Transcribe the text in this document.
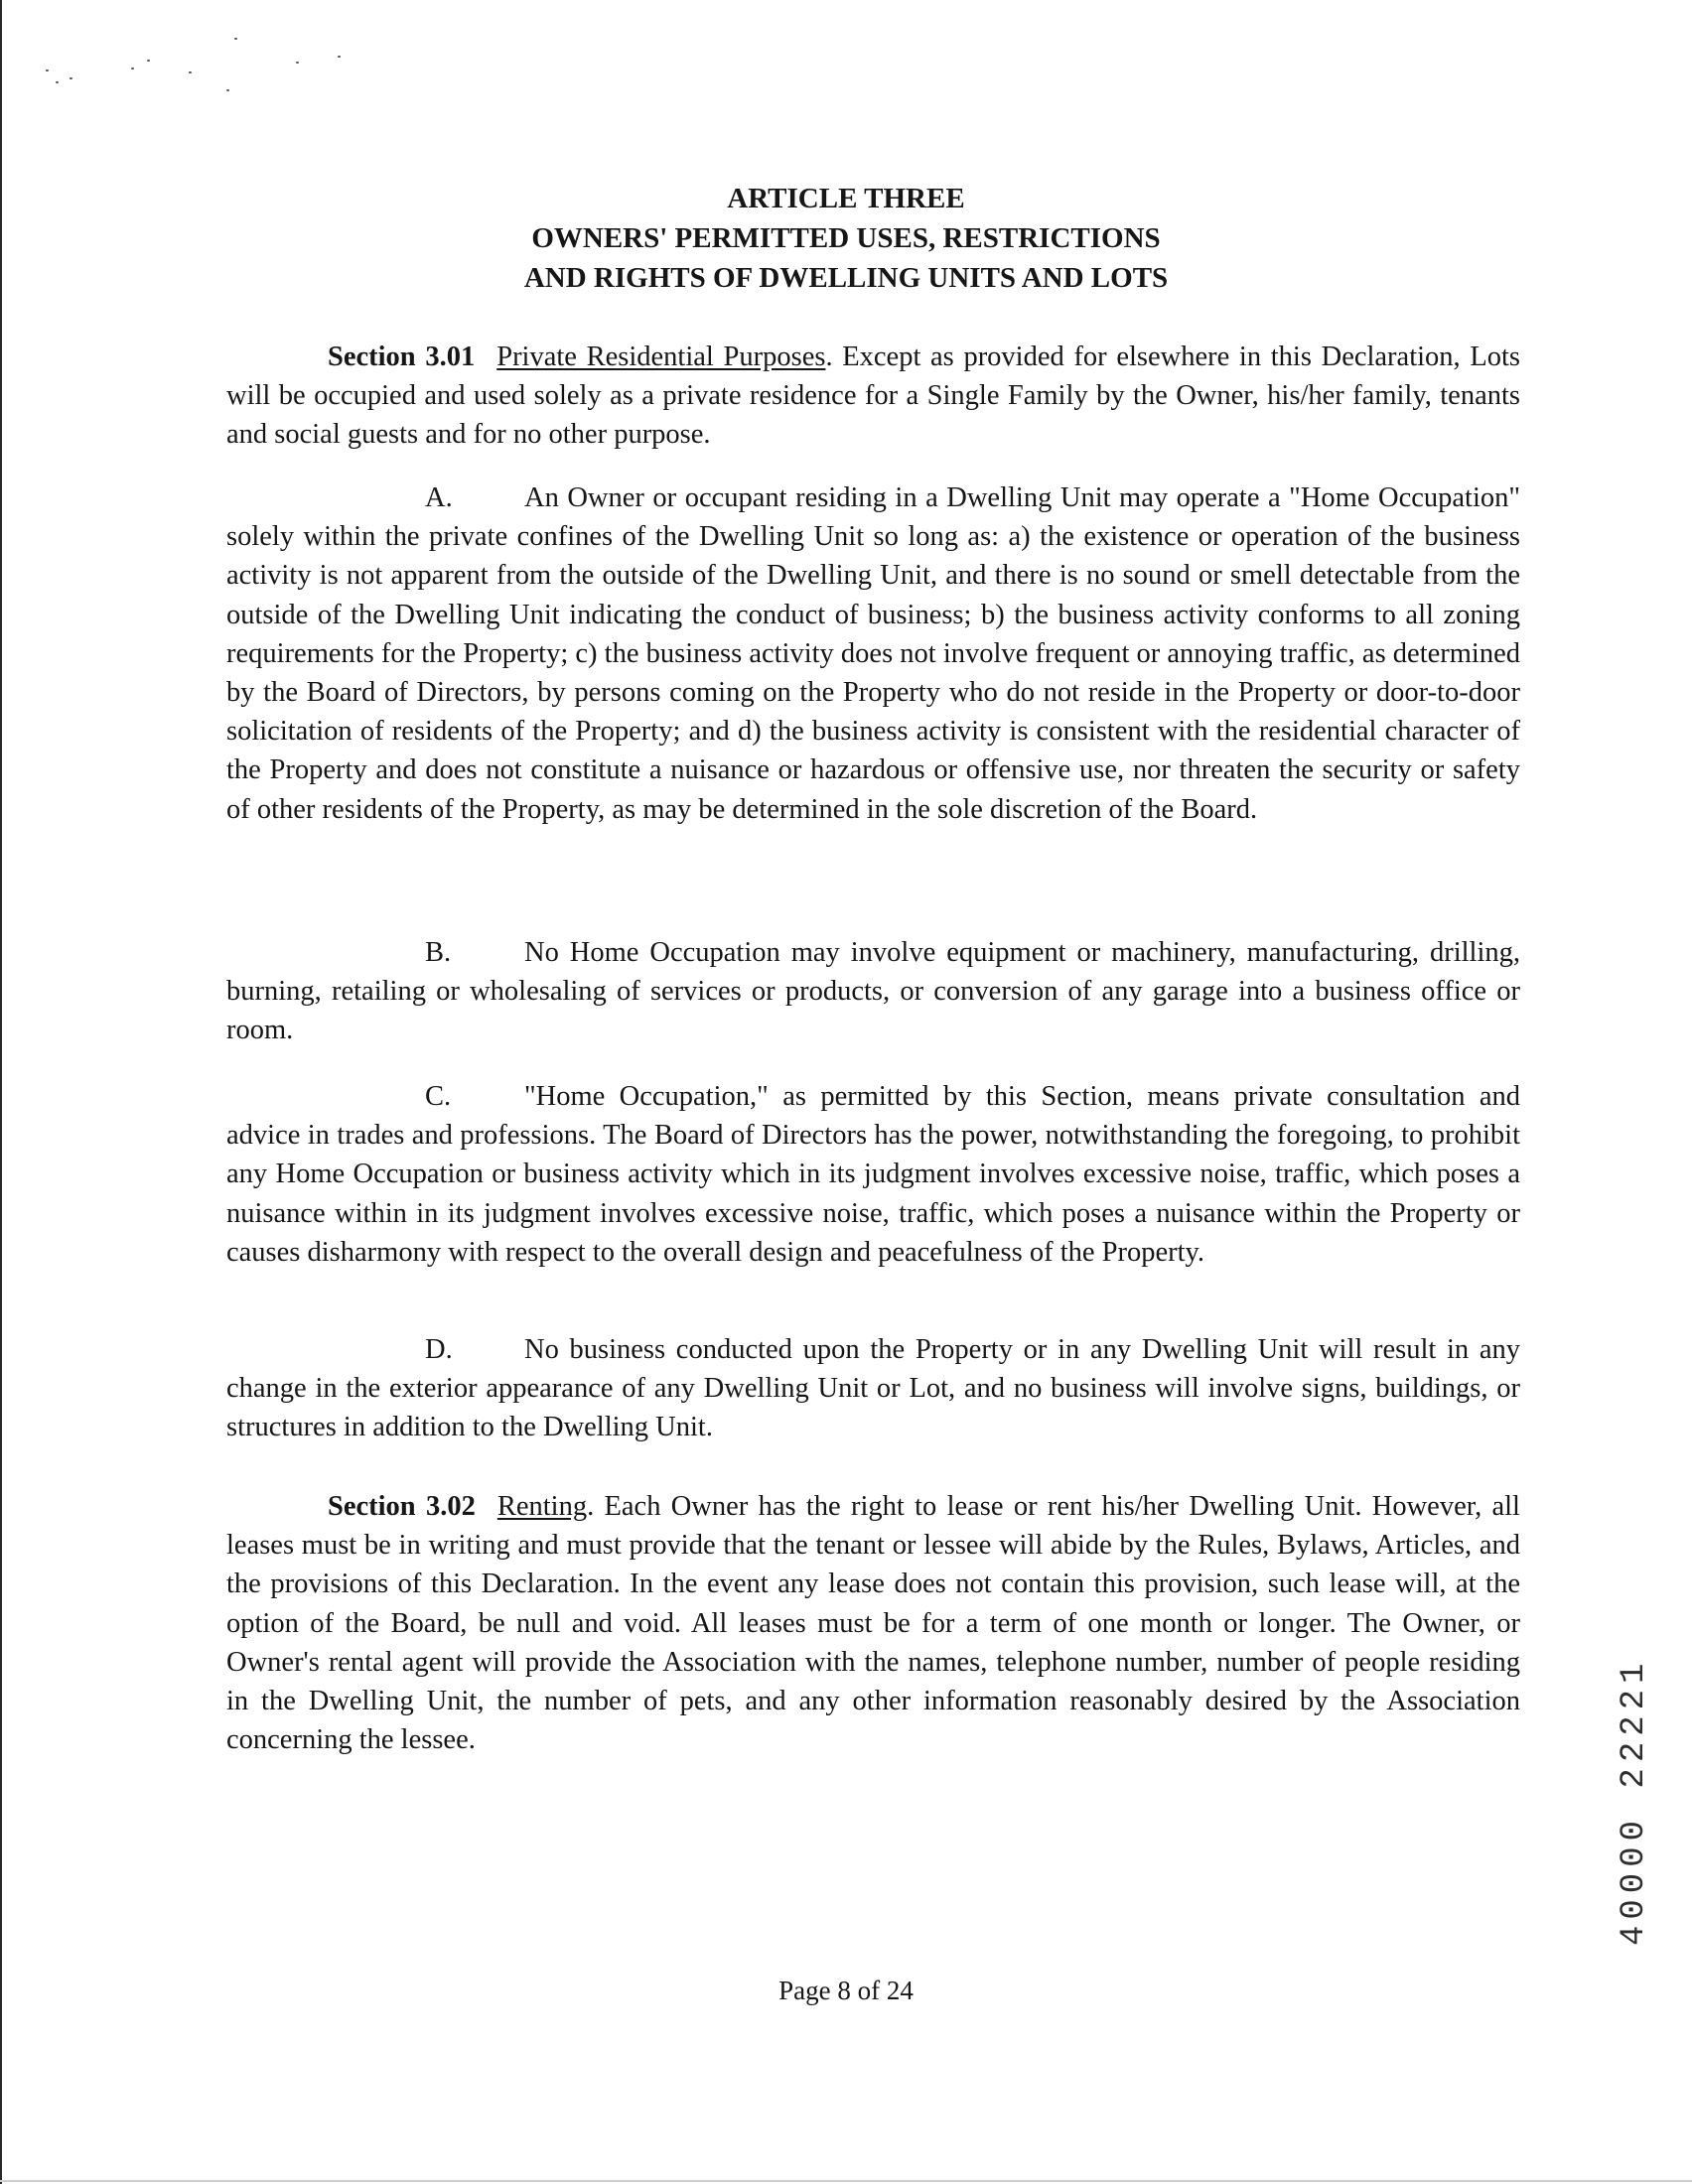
ARTICLE THREE
OWNERS' PERMITTED USES, RESTRICTIONS
AND RIGHTS OF DWELLING UNITS AND LOTS

Section 3.01 Private Residential Purposes. Except as provided for elsewhere in this Declaration, Lots will be occupied and used solely as a private residence for a Single Family by the Owner, his/her family, tenants and social guests and for no other purpose.

A.	An Owner or occupant residing in a Dwelling Unit may operate a "Home Occupation" solely within the private confines of the Dwelling Unit so long as: a) the existence or operation of the business activity is not apparent from the outside of the Dwelling Unit, and there is no sound or smell detectable from the outside of the Dwelling Unit indicating the conduct of business; b) the business activity conforms to all zoning requirements for the Property; c) the business activity does not involve frequent or annoying traffic, as determined by the Board of Directors, by persons coming on the Property who do not reside in the Property or door-to-door solicitation of residents of the Property; and d) the business activity is consistent with the residential character of the Property and does not constitute a nuisance or hazardous or offensive use, nor threaten the security or safety of other residents of the Property, as may be determined in the sole discretion of the Board.

B.	No Home Occupation may involve equipment or machinery, manufacturing, drilling, burning, retailing or wholesaling of services or products, or conversion of any garage into a business office or room.

C.	"Home Occupation," as permitted by this Section, means private consultation and advice in trades and professions. The Board of Directors has the power, notwithstanding the foregoing, to prohibit any Home Occupation or business activity which in its judgment involves excessive noise, traffic, which poses a nuisance within in its judgment involves excessive noise, traffic, which poses a nuisance within the Property or causes disharmony with respect to the overall design and peacefulness of the Property.

D.	No business conducted upon the Property or in any Dwelling Unit will result in any change in the exterior appearance of any Dwelling Unit or Lot, and no business will involve signs, buildings, or structures in addition to the Dwelling Unit.

Section 3.02 Renting. Each Owner has the right to lease or rent his/her Dwelling Unit. However, all leases must be in writing and must provide that the tenant or lessee will abide by the Rules, Bylaws, Articles, and the provisions of this Declaration. In the event any lease does not contain this provision, such lease will, at the option of the Board, be null and void. All leases must be for a term of one month or longer. The Owner, or Owner's rental agent will provide the Association with the names, telephone number, number of people residing in the Dwelling Unit, the number of pets, and any other information reasonably desired by the Association concerning the lessee.

Page 8 of 24
40000 22221
